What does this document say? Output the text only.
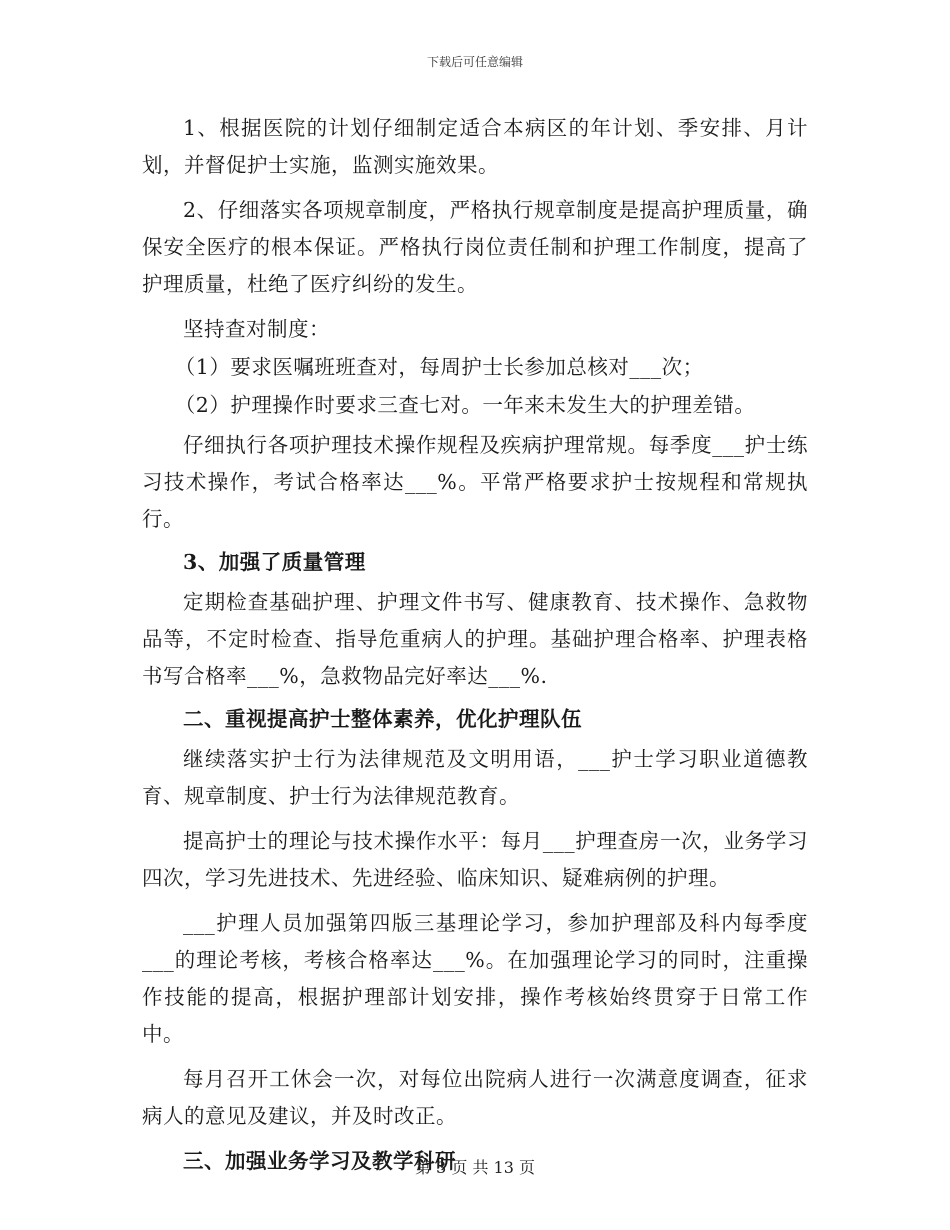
下载后可任意编辑

1、根据医院的计划仔细制定适合本病区的年计划、季安排、月计划，并督促护士实施，监测实施效果。

2、仔细落实各项规章制度，严格执行规章制度是提高护理质量，确保安全医疗的根本保证。严格执行岗位责任制和护理工作制度，提高了护理质量，杜绝了医疗纠纷的发生。

坚持查对制度：

（1）要求医嘱班班查对，每周护士长参加总核对___次；

（2）护理操作时要求三查七对。一年来未发生大的护理差错。

仔细执行各项护理技术操作规程及疾病护理常规。每季度___护士练习技术操作，考试合格率达___%。平常严格要求护士按规程和常规执行。

3、加强了质量管理

定期检查基础护理、护理文件书写、健康教育、技术操作、急救物品等，不定时检查、指导危重病人的护理。基础护理合格率、护理表格书写合格率___%，急救物品完好率达___%.

二、重视提高护士整体素养，优化护理队伍

继续落实护士行为法律规范及文明用语，___护士学习职业道德教育、规章制度、护士行为法律规范教育。

提高护士的理论与技术操作水平：每月___护理查房一次，业务学习四次，学习先进技术、先进经验、临床知识、疑难病例的护理。

___护理人员加强第四版三基理论学习，参加护理部及科内每季度___的理论考核，考核合格率达___%。在加强理论学习的同时，注重操作技能的提高，根据护理部计划安排，操作考核始终贯穿于日常工作中。

每月召开工休会一次，对每位出院病人进行一次满意度调查，征求病人的意见及建议，并及时改正。

三、加强业务学习及教学科研

第 3 页 共 13 页
